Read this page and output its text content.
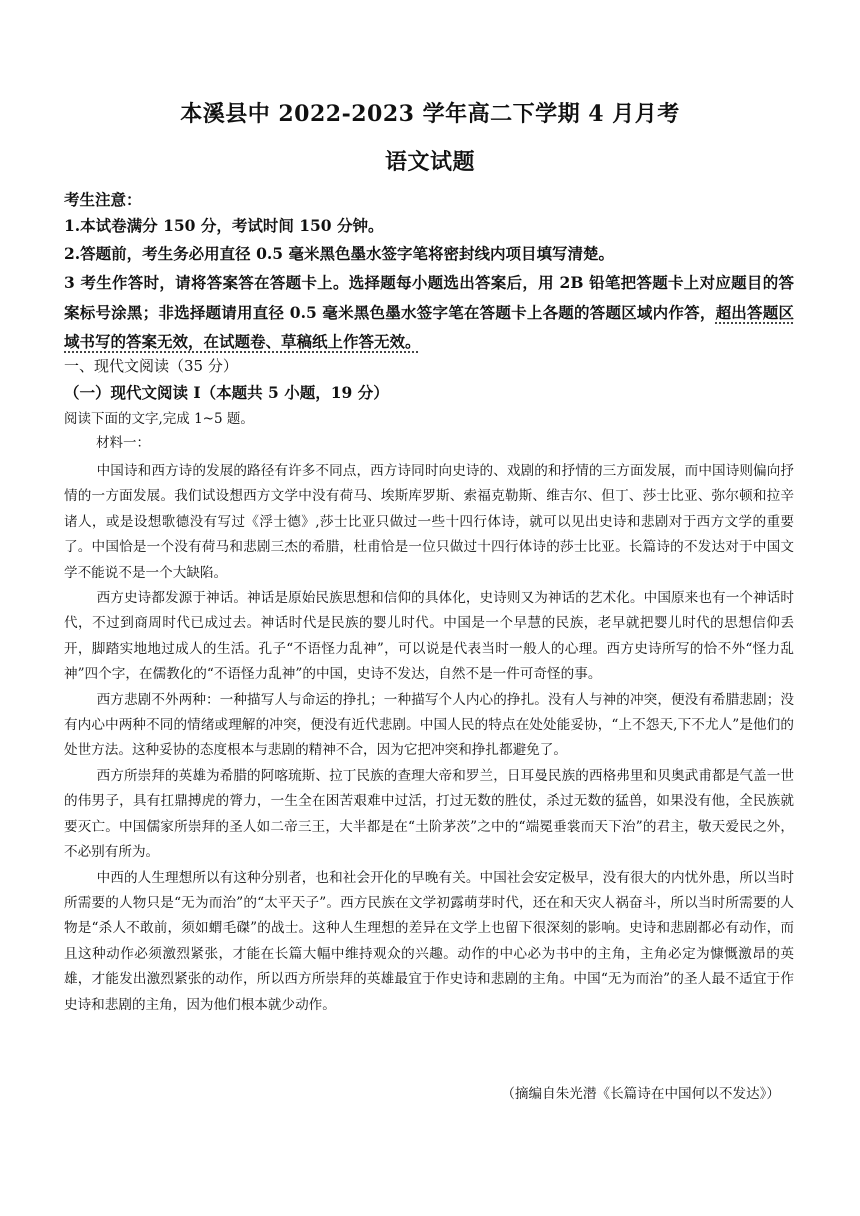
本溪县中 2022-2023 学年高二下学期 4 月月考
语文试题
考生注意：
1.本试卷满分 150 分，考试时间 150 分钟。
2.答题前，考生务必用直径 0.5 毫米黑色墨水签字笔将密封线内项目填写清楚。
3 考生作答时，请将答案答在答题卡上。选择题每小题选出答案后，用 2B 铅笔把答题卡上对应题目的答案标号涂黑；非选择题请用直径 0.5 毫米黑色墨水签字笔在答题卡上各题的答题区域内作答，超出答题区域书写的答案无效，在试题卷、草稿纸上作答无效。
一、现代文阅读（35 分）
（一）现代文阅读 I（本题共 5 小题，19 分）
阅读下面的文字,完成 1~5 题。
材料一：

中国诗和西方诗的发展的路径有许多不同点，西方诗同时向史诗的、戏剧的和抒情的三方面发展，而中国诗则偏向抒情的一方面发展。我们试设想西方文学中没有荷马、埃斯库罗斯、索福克勒斯、维吉尔、但丁、莎士比亚、弥尔顿和拉辛诸人，或是设想歌德没有写过《浮士德》,莎士比亚只做过一些十四行体诗，就可以见出史诗和悲剧对于西方文学的重要了。中国恰是一个没有荷马和悲剧三杰的希腊，杜甫恰是一位只做过十四行体诗的莎士比亚。长篇诗的不发达对于中国文学不能说不是一个大缺陷。

西方史诗都发源于神话。神话是原始民族思想和信仰的具体化，史诗则又为神话的艺术化。中国原来也有一个神话时代，不过到商周时代已成过去。神话时代是民族的婴儿时代。中国是一个早慧的民族，老早就把婴儿时代的思想信仰丢开，脚踏实地地过成人的生活。孔子“不语怪力乱神”，可以说是代表当时一般人的心理。西方史诗所写的恰不外“怪力乱神”四个字，在儒教化的“不语怪力乱神”的中国，史诗不发达，自然不是一件可奇怪的事。

西方悲剧不外两种：一种描写人与命运的挣扎；一种描写个人内心的挣扎。没有人与神的冲突，便没有希腊悲剧；没有内心中两种不同的情绪或理解的冲突，便没有近代悲剧。中国人民的特点在处处能妥协，“上不怨天,下不尤人”是他们的处世方法。这种妥协的态度根本与悲剧的精神不合，因为它把冲突和挣扎都避免了。

西方所崇拜的英雄为希腊的阿喀琉斯、拉丁民族的查理大帝和罗兰，日耳曼民族的西格弗里和贝奥武甫都是气盖一世的伟男子，具有扛鼎搏虎的膂力，一生全在困苦艰难中过活，打过无数的胜仗，杀过无数的猛兽，如果没有他，全民族就要灭亡。中国儒家所崇拜的圣人如二帝三王，大半都是在“土阶茅茨”之中的“端冕垂裳而天下治”的君主，敬天爱民之外，不必别有所为。

中西的人生理想所以有这种分别者，也和社会开化的早晚有关。中国社会安定极早，没有很大的内忧外患，所以当时所需要的人物只是“无为而治”的“太平天子”。西方民族在文学初露萌芽时代，还在和天灾人祸奋斗，所以当时所需要的人物是“杀人不敢前，须如蝟毛磔”的战士。这种人生理想的差异在文学上也留下很深刻的影响。史诗和悲剧都必有动作，而且这种动作必须激烈紧张，才能在长篇大幅中维持观众的兴趣。动作的中心必为书中的主角，主角必定为慷慨激昂的英雄，才能发出激烈紧张的动作，所以西方所崇拜的英雄最宜于作史诗和悲剧的主角。中国“无为而治”的圣人最不适宜于作史诗和悲剧的主角，因为他们根本就少动作。

（摘编自朱光潜《长篇诗在中国何以不发达》）
